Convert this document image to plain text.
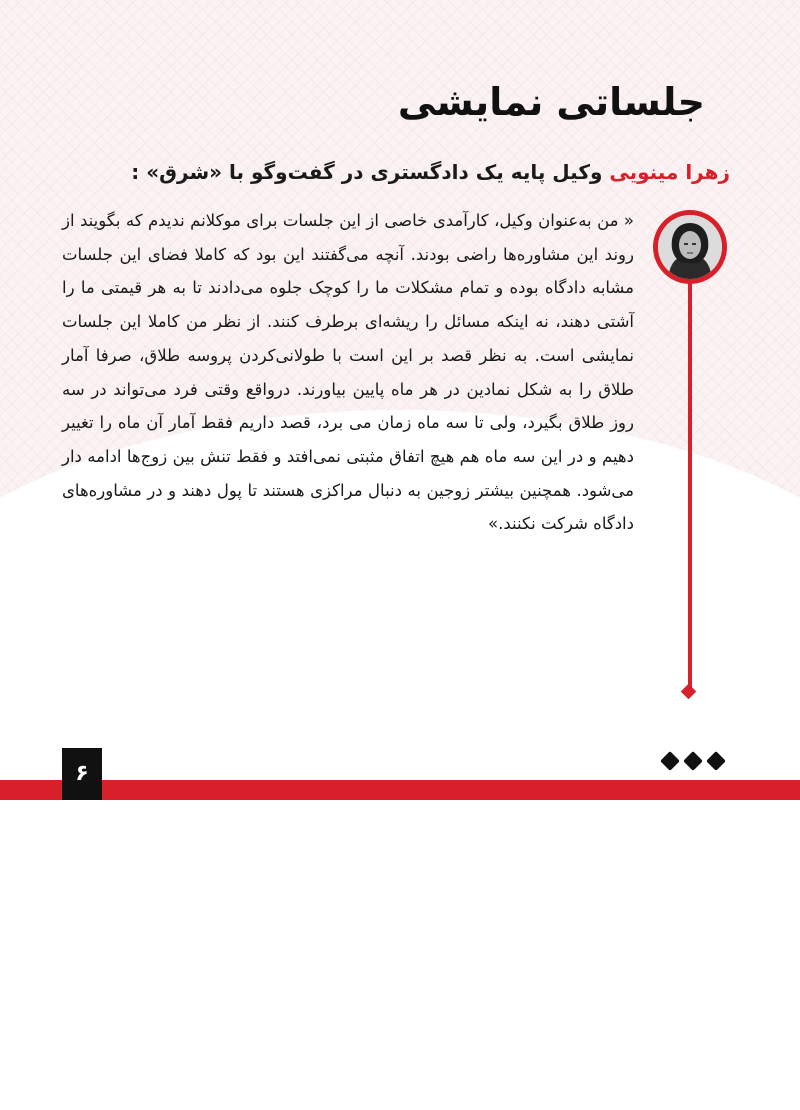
جلساتی نمایشی
زهرا مینویی وکیل پایه یک دادگستری در گفت‌وگو با «شرق» :

« من به‌عنوان وکیل، کارآمدی خاصی از این جلسات برای موکلانم ندیدم که بگویند از روند این مشاوره‌ها راضی بودند. آنچه می‌گفتند این بود که کاملا فضای این جلسات مشابه دادگاه بوده و تمام مشکلات ما را کوچک جلوه می‌دادند تا به هر قیمتی ما را آشتی دهند، نه اینکه مسائل را ریشه‌ای برطرف کنند. از نظر من کاملا این جلسات نمایشی است. به نظر قصد بر این است با طولانی‌کردن پروسه طلاق، صرفا آمار طلاق را به شکل نمادین در هر ماه پایین بیاورند. درواقع وقتی فرد می‌تواند در سه روز طلاق بگیرد، ولی تا سه ماه زمان می برد، قصد داریم فقط آمار آن ماه را تغییر دهیم و در این سه ماه هم هیچ اتفاق مثبتی نمی‌افتد و فقط تنش بین زوج‌ها ادامه دار می‌شود. همچنین بیشتر زوجین به دنبال مراکزی هستند تا پول دهند و در مشاوره‌های دادگاه شرکت نکنند.»

۶
